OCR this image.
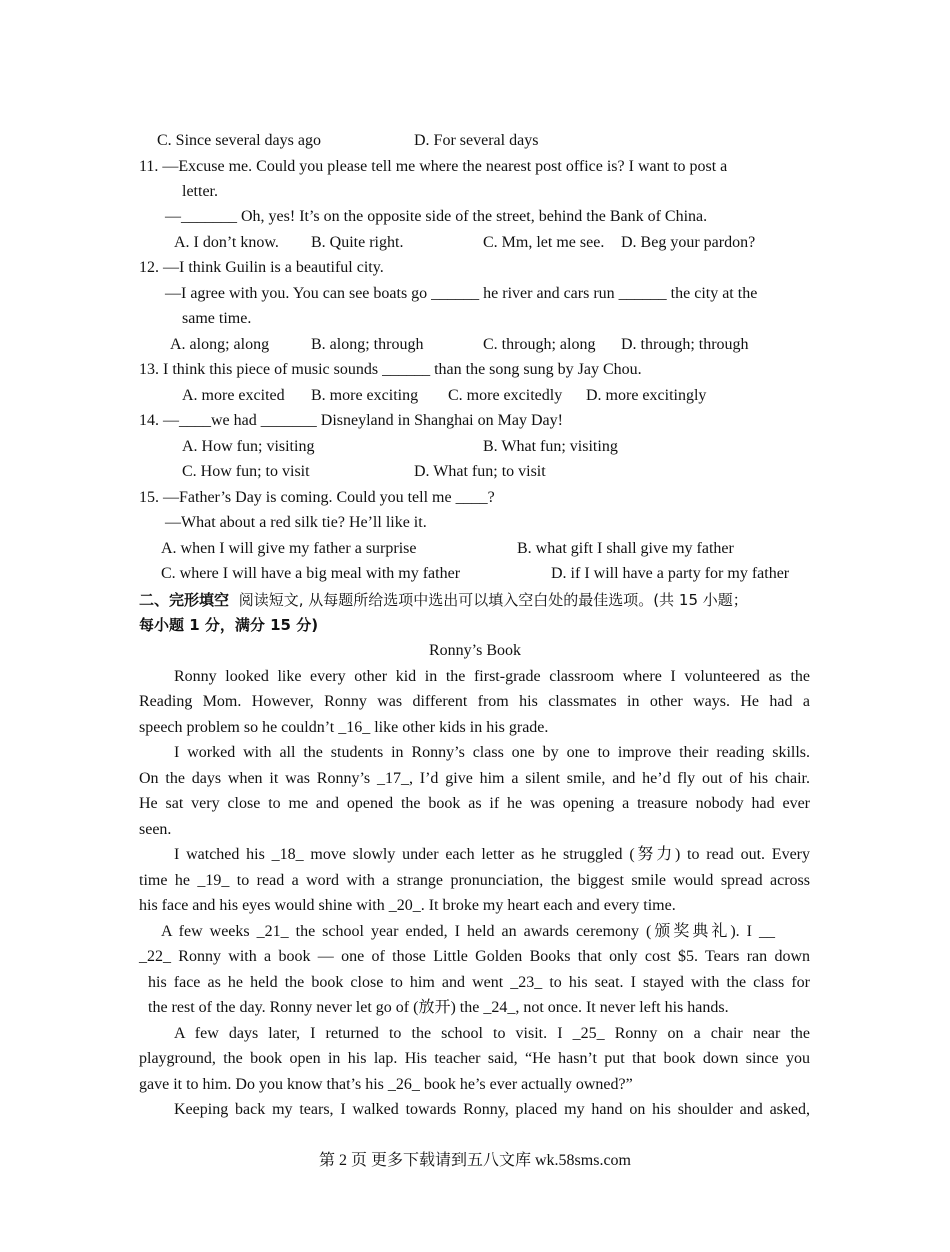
C. Since several days ago	D. For several days
11. —Excuse me. Could you please tell me where the nearest post office is? I want to post a
letter.
—_______ Oh, yes! It’s on the opposite side of the street, behind the Bank of China.
A. I don’t know. B. Quite right.	C. Mm, let me see. D. Beg your pardon?
12. —I think Guilin is a beautiful city.
—I agree with you. You can see boats go ______ he river and cars run ______ the city at the
same time.
A. along; along	B. along; through	C. through; along D. through; through
13. I think this piece of music sounds ______ than the song sung by Jay Chou.
A. more excited B. more exciting C. more excitedly D. more excitingly
14. —____we had _______ Disneyland in Shanghai on May Day!
A. How fun; visiting	B. What fun; visiting
C. How fun; to visit	D. What fun; to visit
15. —Father’s Day is coming. Could you tell me ____?
—What about a red silk tie? He’ll like it.
A. when I will give my father a surprise	B. what gift I shall give my father
C. where I will have a big meal with my father	D. if I will have a party for my father
二、完形填空 阅读短文, 从每题所给选项中选出可以填入空白处的最佳选项。(共 15 小题；
每小题 1 分，满分 15 分)
Ronny’s Book
Ronny looked like every other kid in the first-grade classroom where I volunteered as the
Reading Mom. However, Ronny was different from his classmates in other ways. He had a
speech problem so he couldn’t _16_ like other kids in his grade.
I worked with all the students in Ronny’s class one by one to improve their reading skills.
On the days when it was Ronny’s _17_, I’d give him a silent smile, and he’d fly out of his chair.
He sat very close to me and opened the book as if he was opening a treasure nobody had ever
seen.
I watched his _18_ move slowly under each letter as he struggled (努力) to read out. Every
time he _19_ to read a word with a strange pronunciation, the biggest smile would spread across
his face and his eyes would shine with _20_. It broke my heart each and every time.
A few weeks _21_ the school year ended, I held an awards ceremony (颁奖典礼). I __
_22_ Ronny with a book — one of those Little Golden Books that only cost $5. Tears ran down
his face as he held the book close to him and went _23_ to his seat. I stayed with the class for
the rest of the day. Ronny never let go of (放开) the _24_, not once. It never left his hands.
A few days later, I returned to the school to visit. I _25_ Ronny on a chair near the
playground, the book open in his lap. His teacher said, “He hasn’t put that book down since you
gave it to him. Do you know that’s his _26_ book he’s ever actually owned?”
Keeping back my tears, I walked towards Ronny, placed my hand on his shoulder and asked,
第 2 页 更多下载请到五八文库 wk.58sms.com
